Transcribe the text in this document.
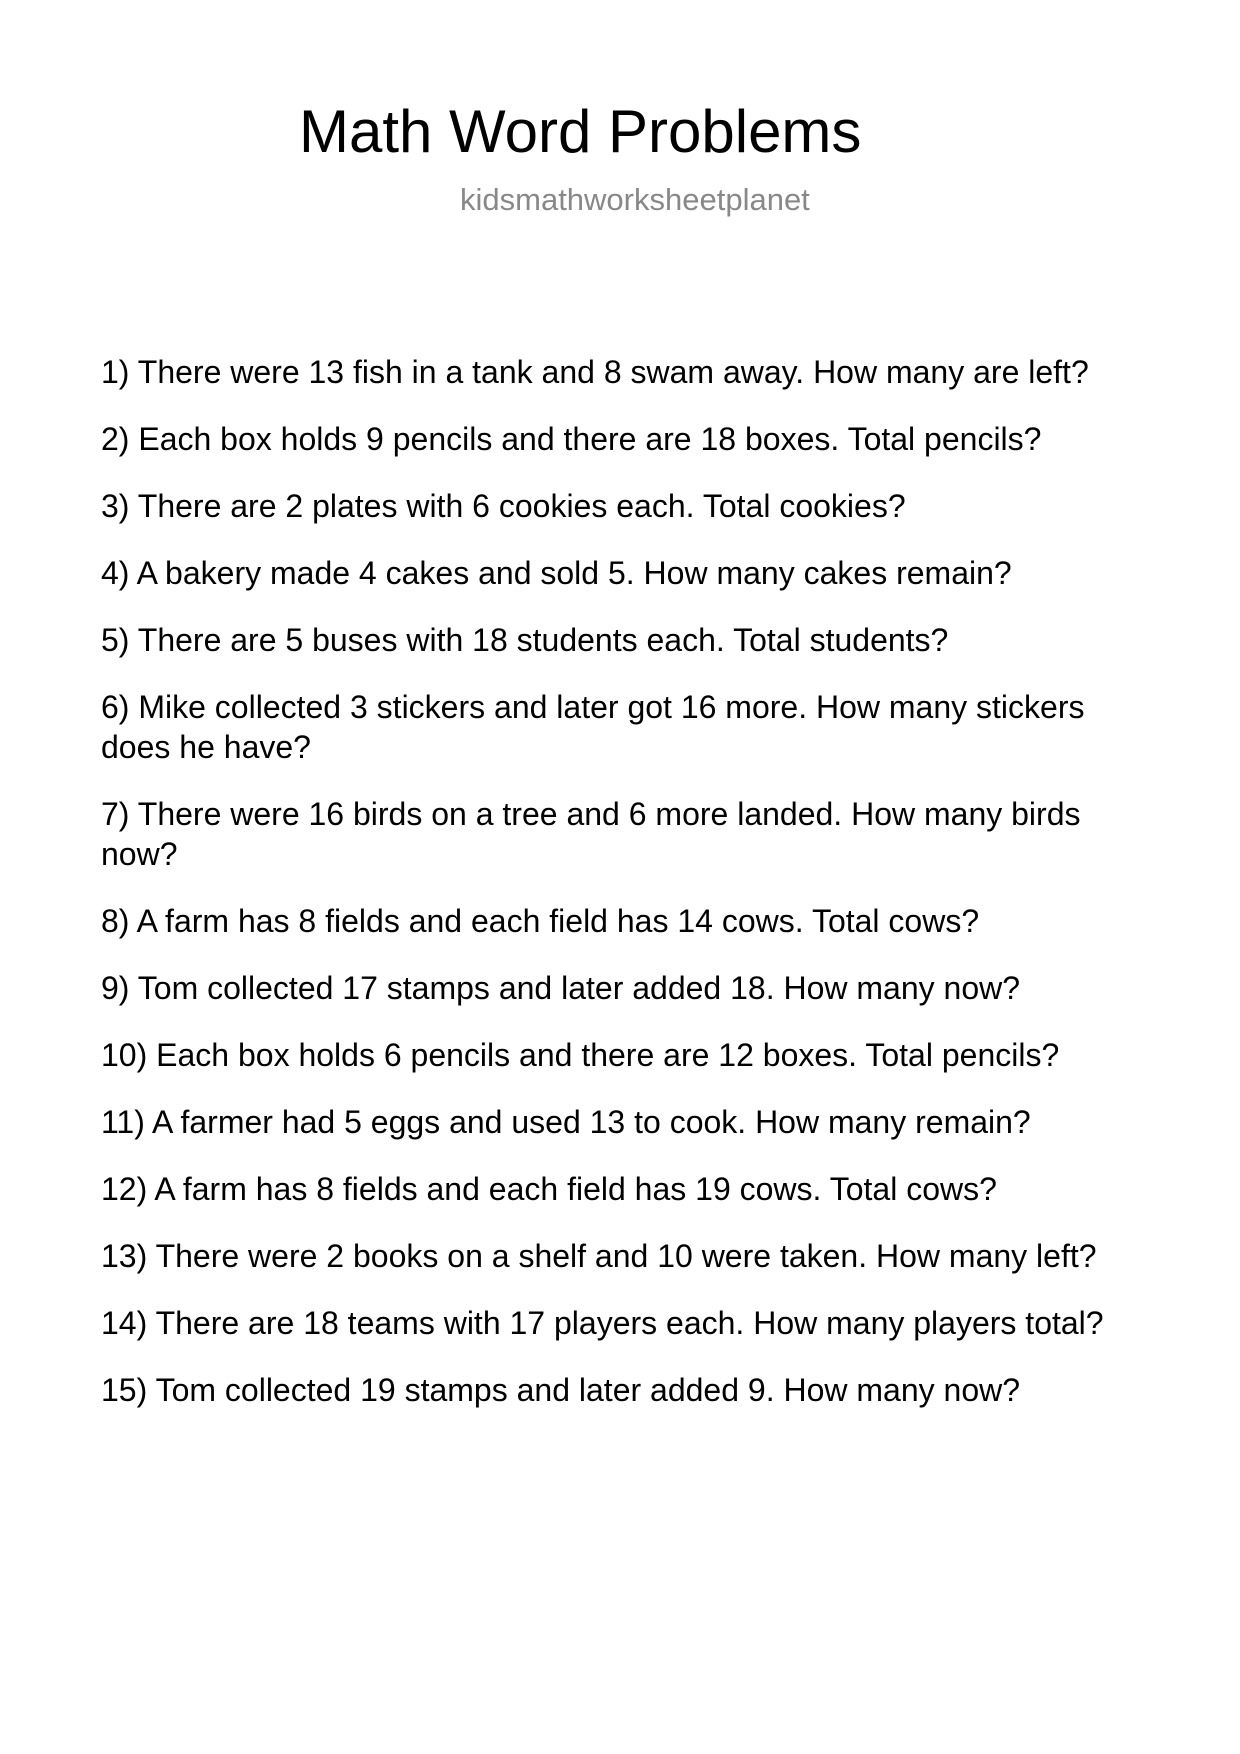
Math Word Problems
kidsmathworksheetplanet
1) There were 13 fish in a tank and 8 swam away. How many are left?
2) Each box holds 9 pencils and there are 18 boxes. Total pencils?
3) There are 2 plates with 6 cookies each. Total cookies?
4) A bakery made 4 cakes and sold 5. How many cakes remain?
5) There are 5 buses with 18 students each. Total students?
6) Mike collected 3 stickers and later got 16 more. How many stickers does he have?
7) There were 16 birds on a tree and 6 more landed. How many birds now?
8) A farm has 8 fields and each field has 14 cows. Total cows?
9) Tom collected 17 stamps and later added 18. How many now?
10) Each box holds 6 pencils and there are 12 boxes. Total pencils?
11) A farmer had 5 eggs and used 13 to cook. How many remain?
12) A farm has 8 fields and each field has 19 cows. Total cows?
13) There were 2 books on a shelf and 10 were taken. How many left?
14) There are 18 teams with 17 players each. How many players total?
15) Tom collected 19 stamps and later added 9. How many now?
